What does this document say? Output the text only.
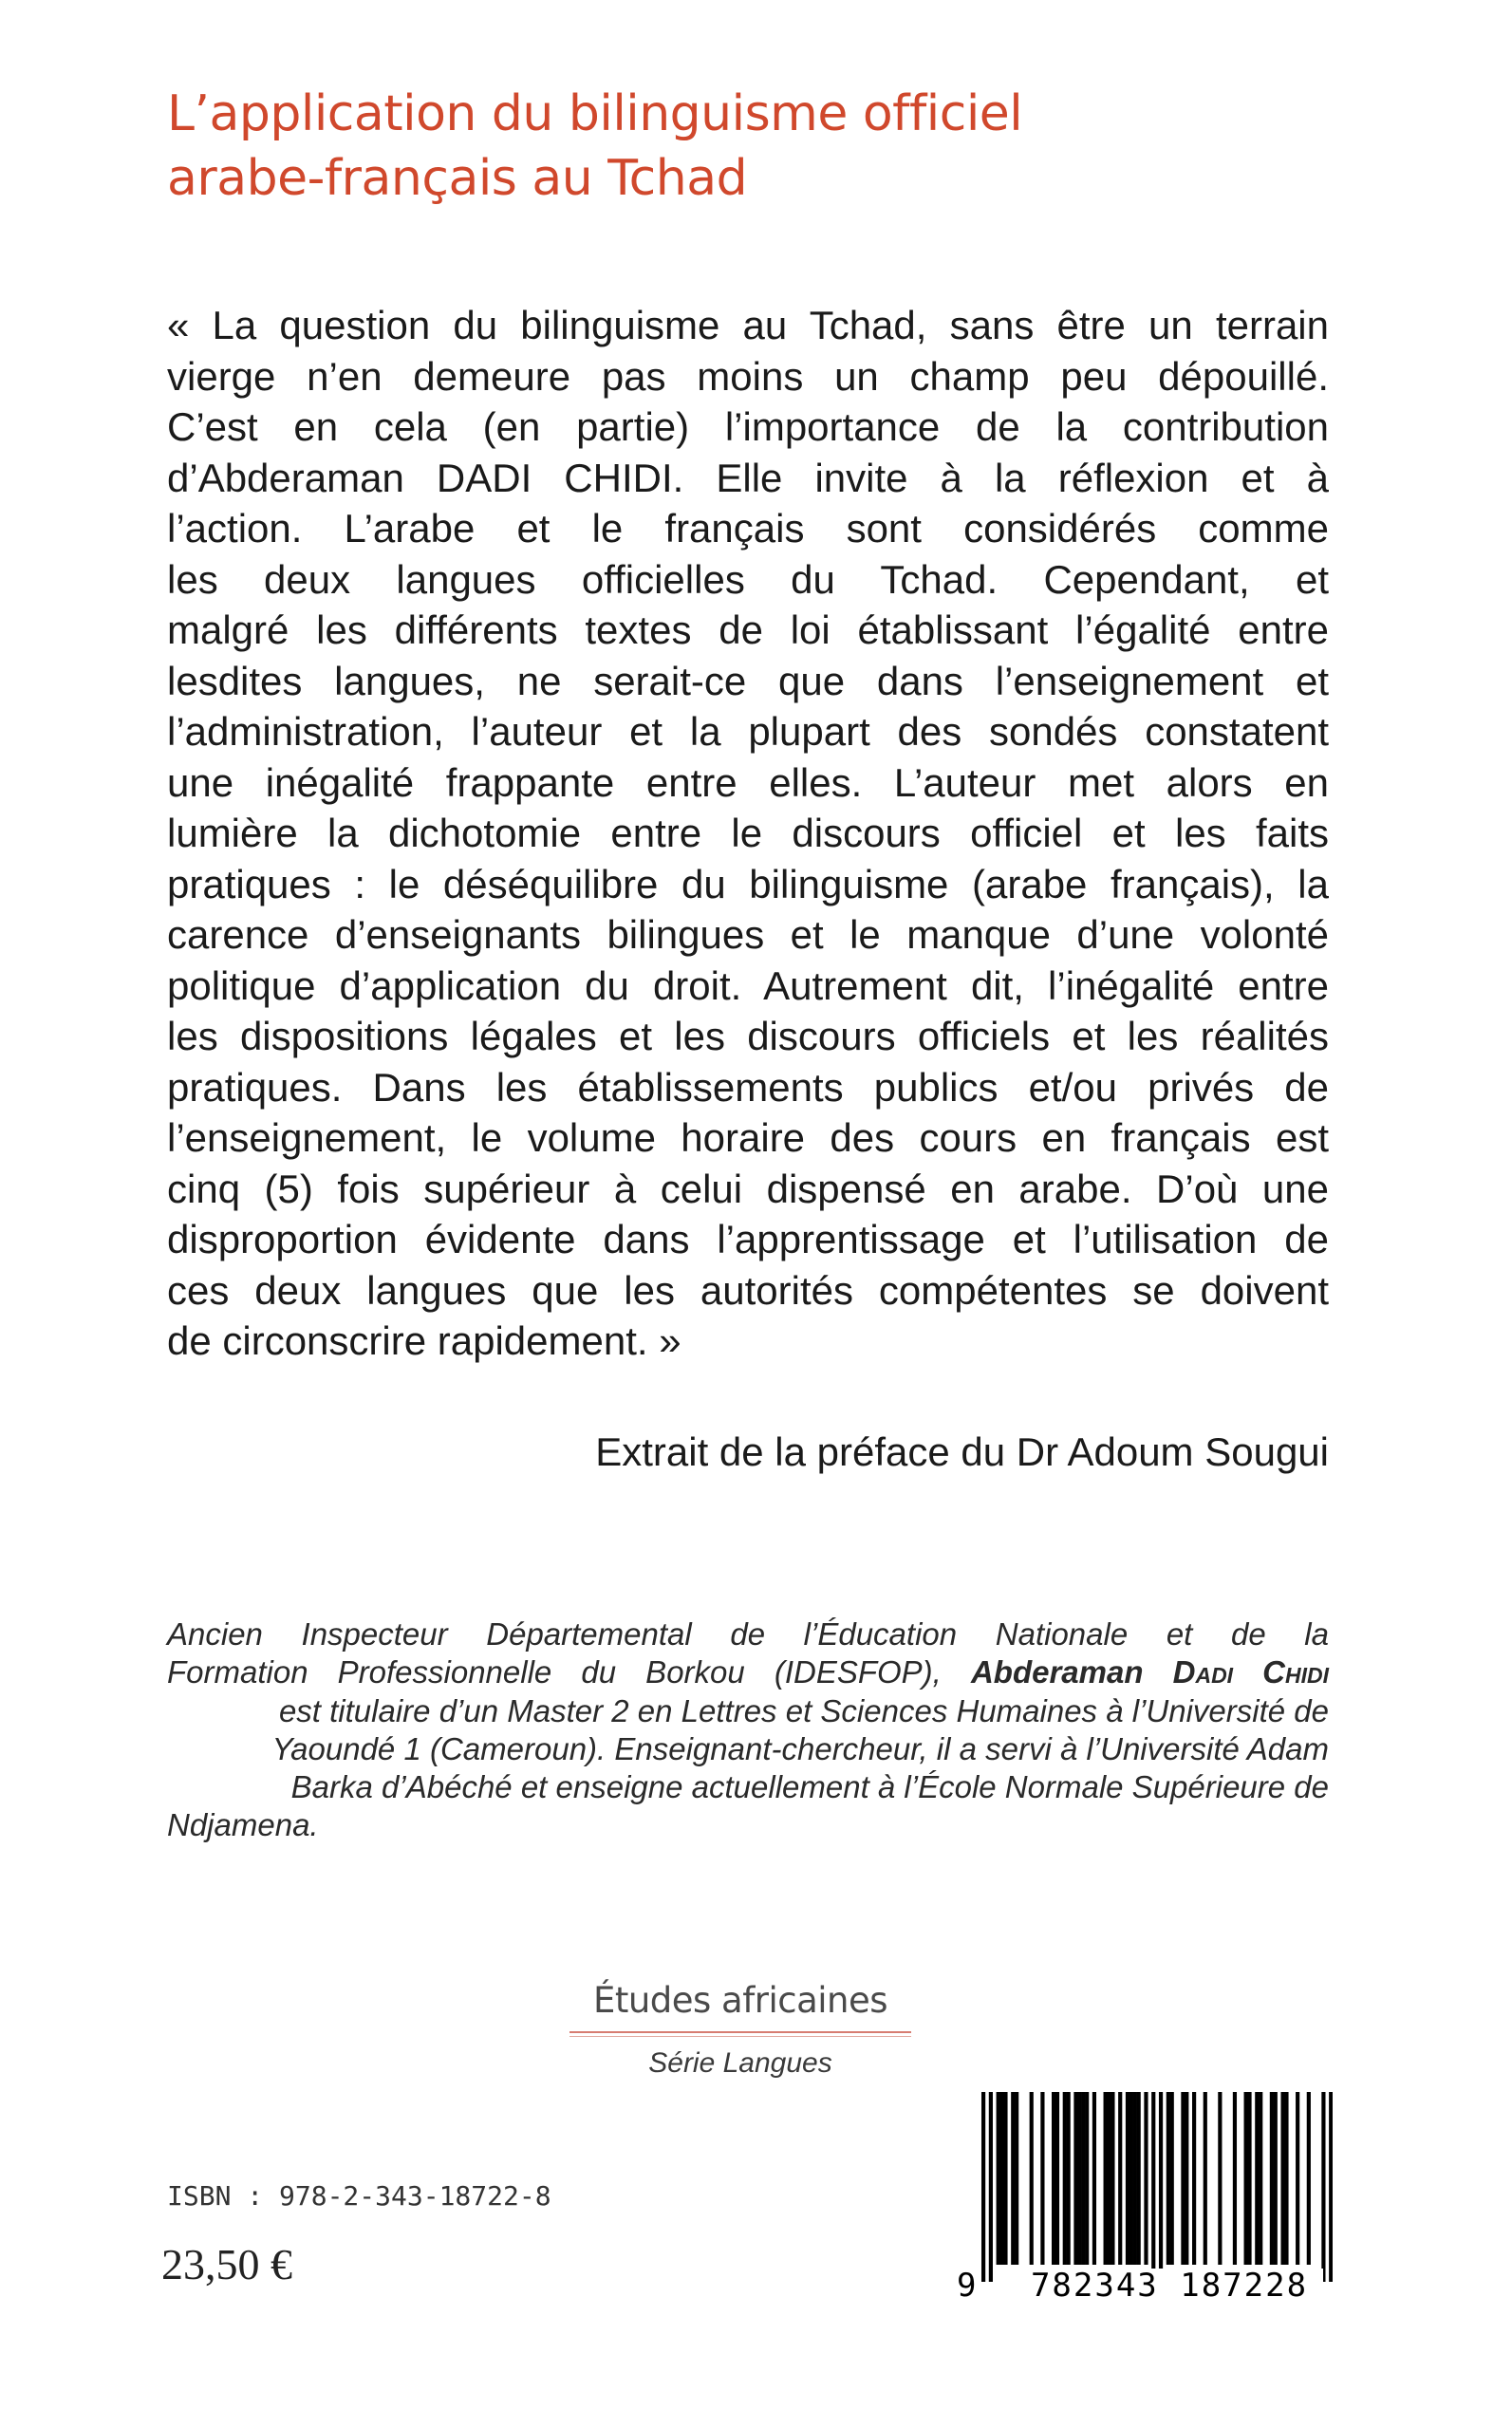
L’application du bilinguisme officiel
arabe-français au Tchad
« La question du bilinguisme au Tchad, sans être un terrain
vierge n’en demeure pas moins un champ peu dépouillé.
C’est en cela (en partie) l’importance de la contribution
d’Abderaman DADI CHIDI. Elle invite à la réflexion et à
l’action. L’arabe et le français sont considérés comme
les deux langues officielles du Tchad. Cependant, et
malgré les différents textes de loi établissant l’égalité entre
lesdites langues, ne serait-ce que dans l’enseignement et
l’administration, l’auteur et la plupart des sondés constatent
une inégalité frappante entre elles. L’auteur met alors en
lumière la dichotomie entre le discours officiel et les faits
pratiques : le déséquilibre du bilinguisme (arabe français), la
carence d’enseignants bilingues et le manque d’une volonté
politique d’application du droit. Autrement dit, l’inégalité entre
les dispositions légales et les discours officiels et les réalités
pratiques. Dans les établissements publics et/ou privés de
l’enseignement, le volume horaire des cours en français est
cinq (5) fois supérieur à celui dispensé en arabe. D’où une
disproportion évidente dans l’apprentissage et l’utilisation de
ces deux langues que les autorités compétentes se doivent
de circonscrire rapidement. »
Extrait de la préface du Dr Adoum Sougui
Ancien Inspecteur Départemental de l’Éducation Nationale et de la
Formation Professionnelle du Borkou (IDESFOP), Abderaman Dadi Chidi
est titulaire d’un Master 2 en Lettres et Sciences Humaines à l’Université de
Yaoundé 1 (Cameroun). Enseignant-chercheur, il a servi à l’Université Adam
Barka d’Abéché et enseigne actuellement à l’École Normale Supérieure de
Ndjamena.
Études africaines
Série Langues
ISBN : 978-2-343-18722-8
23,50 €	9	782343 187228
